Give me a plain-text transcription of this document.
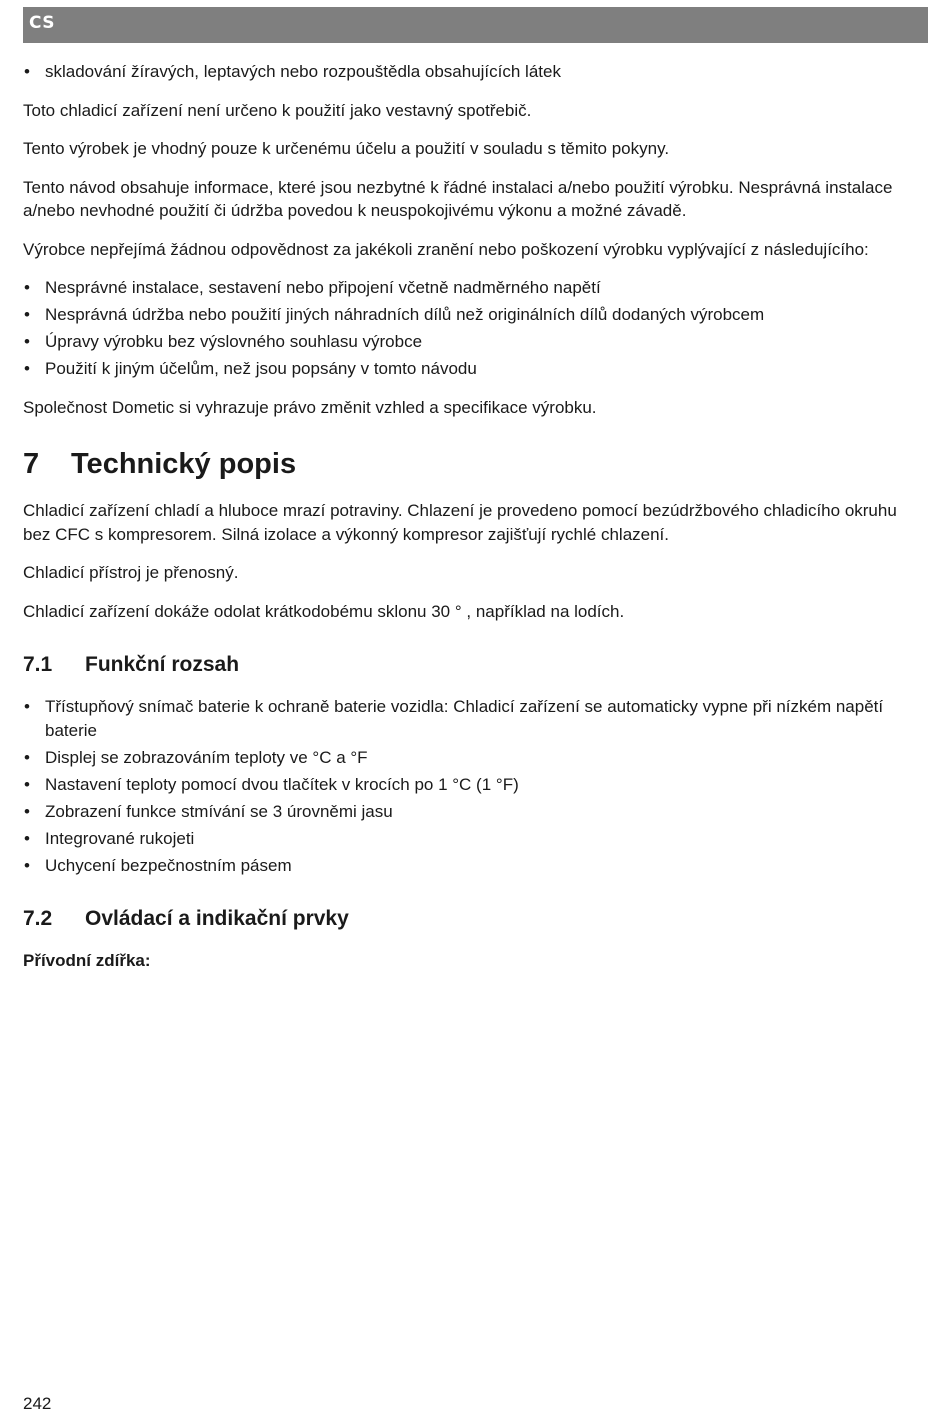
CS
• skladování žíravých, leptavých nebo rozpouštědla obsahujících látek

Toto chladicí zařízení není určeno k použití jako vestavný spotřebič.

Tento výrobek je vhodný pouze k určenému účelu a použití v souladu s těmito pokyny.

Tento návod obsahuje informace, které jsou nezbytné k řádné instalaci a/nebo použití výrobku. Nesprávná instalace a/nebo nevhodné použití či údržba povedou k neuspokojivému výkonu a možné závadě.

Výrobce nepřejímá žádnou odpovědnost za jakékoli zranění nebo poškození výrobku vyplývající z následujícího:

• Nesprávné instalace, sestavení nebo připojení včetně nadměrného napětí
• Nesprávná údržba nebo použití jiných náhradních dílů než originálních dílů dodaných výrobcem
• Úpravy výrobku bez výslovného souhlasu výrobce
• Použití k jiným účelům, než jsou popsány v tomto návodu

Společnost Dometic si vyhrazuje právo změnit vzhled a specifikace výrobku.

7 Technický popis

Chladicí zařízení chladí a hluboce mrazí potraviny. Chlazení je provedeno pomocí bezúdržbového chladicího okruhu bez CFC s kompresorem. Silná izolace a výkonný kompresor zajišťují rychlé chlazení.

Chladicí přístroj je přenosný.

Chladicí zařízení dokáže odolat krátkodobému sklonu 30 ° , například na lodích.

7.1 Funkční rozsah
• Třístupňový snímač baterie k ochraně baterie vozidla: Chladicí zařízení se automaticky vypne při nízkém napětí baterie
• Displej se zobrazováním teploty ve °C a °F
• Nastavení teploty pomocí dvou tlačítek v krocích po 1 °C (1 °F)
• Zobrazení funkce stmívání se 3 úrovněmi jasu
• Integrované rukojeti
• Uchycení bezpečnostním pásem
7.2 Ovládací a indikační prvky

Přívodní zdířka:

242
